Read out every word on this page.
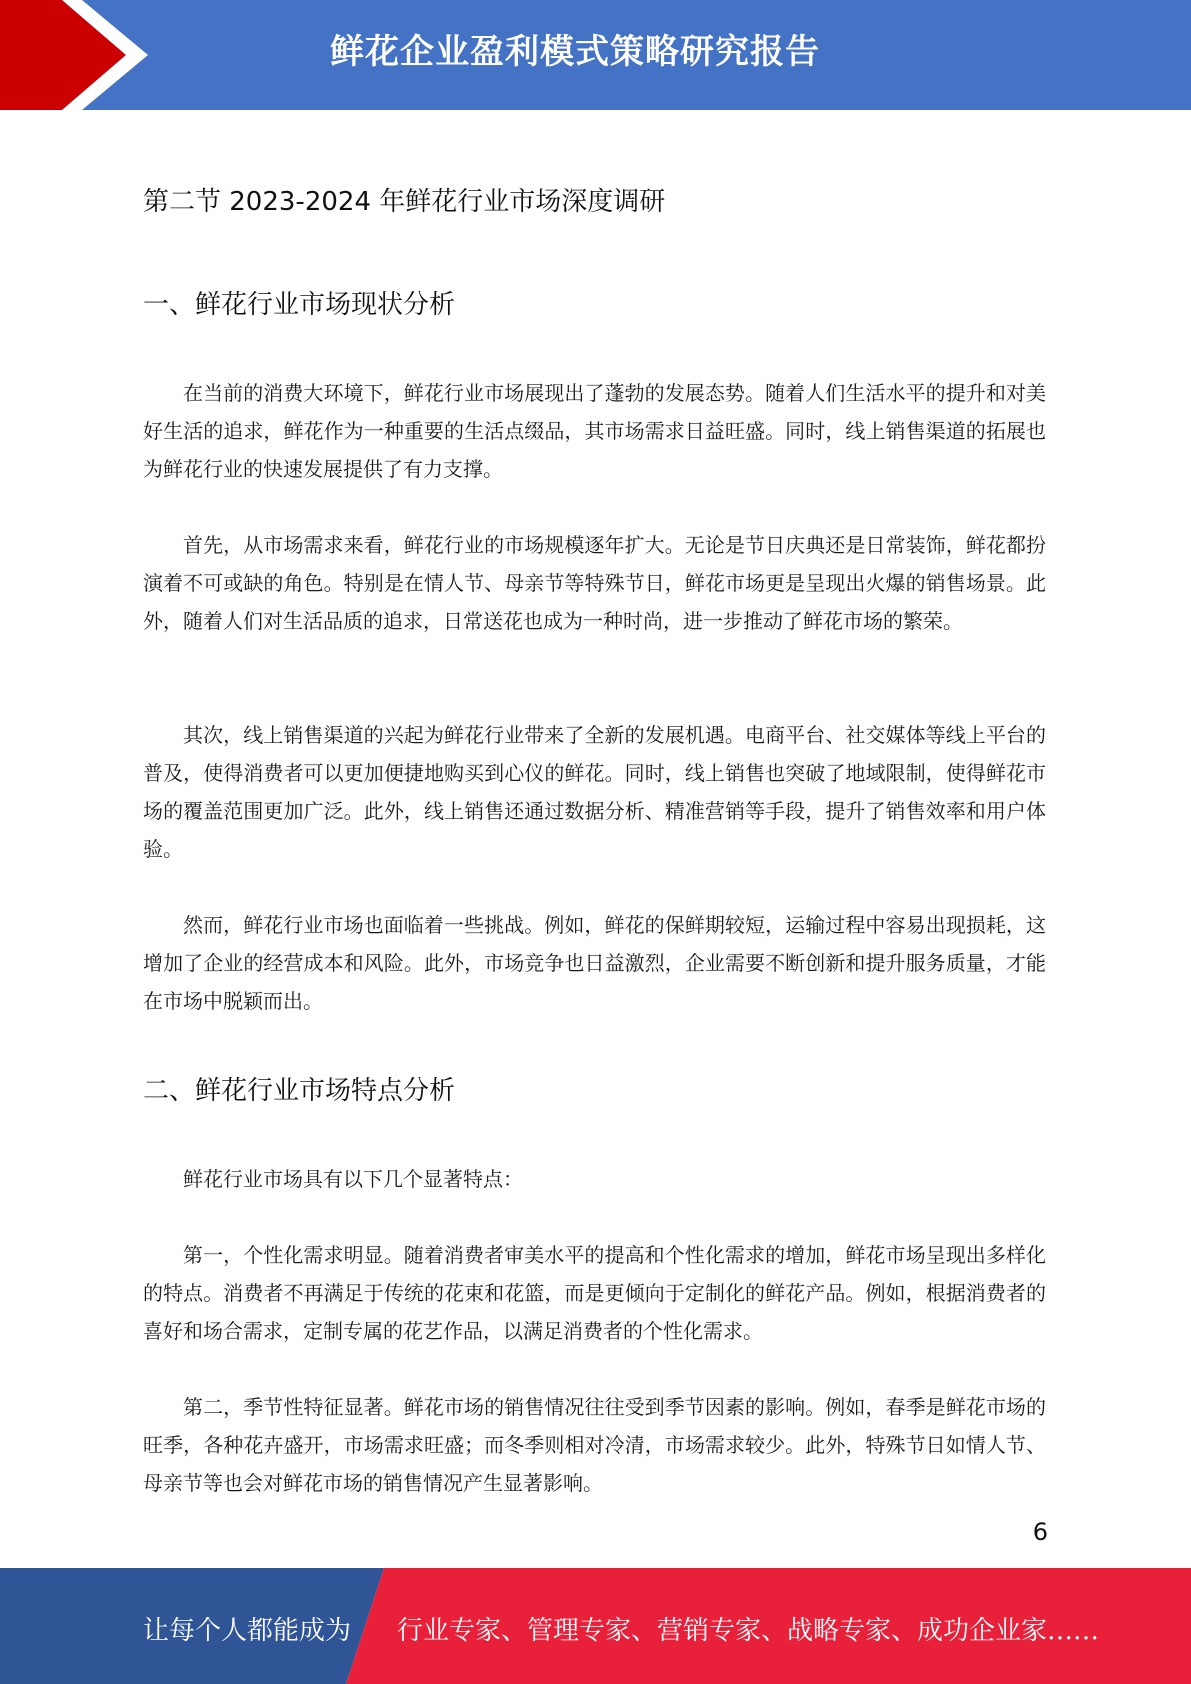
鲜花企业盈利模式策略研究报告
第二节 2023-2024 年鲜花行业市场深度调研
一、鲜花行业市场现状分析

在当前的消费大环境下，鲜花行业市场展现出了蓬勃的发展态势。随着人们生活水平的提升和对美好生活的追求，鲜花作为一种重要的生活点缀品，其市场需求日益旺盛。同时，线上销售渠道的拓展也为鲜花行业的快速发展提供了有力支撑。

首先，从市场需求来看，鲜花行业的市场规模逐年扩大。无论是节日庆典还是日常装饰，鲜花都扮演着不可或缺的角色。特别是在情人节、母亲节等特殊节日，鲜花市场更是呈现出火爆的销售场景。此外，随着人们对生活品质的追求，日常送花也成为一种时尚，进一步推动了鲜花市场的繁荣。

其次，线上销售渠道的兴起为鲜花行业带来了全新的发展机遇。电商平台、社交媒体等线上平台的普及，使得消费者可以更加便捷地购买到心仪的鲜花。同时，线上销售也突破了地域限制，使得鲜花市场的覆盖范围更加广泛。此外，线上销售还通过数据分析、精准营销等手段，提升了销售效率和用户体验。

然而，鲜花行业市场也面临着一些挑战。例如，鲜花的保鲜期较短，运输过程中容易出现损耗，这增加了企业的经营成本和风险。此外，市场竞争也日益激烈，企业需要不断创新和提升服务质量，才能在市场中脱颖而出。

二、鲜花行业市场特点分析

鲜花行业市场具有以下几个显著特点：

第一，个性化需求明显。随着消费者审美水平的提高和个性化需求的增加，鲜花市场呈现出多样化的特点。消费者不再满足于传统的花束和花篮，而是更倾向于定制化的鲜花产品。例如，根据消费者的喜好和场合需求，定制专属的花艺作品，以满足消费者的个性化需求。

第二，季节性特征显著。鲜花市场的销售情况往往受到季节因素的影响。例如，春季是鲜花市场的旺季，各种花卉盛开，市场需求旺盛；而冬季则相对冷清，市场需求较少。此外，特殊节日如情人节、母亲节等也会对鲜花市场的销售情况产生显著影响。

6
让每个人都能成为 行业专家、管理专家、营销专家、战略专家、成功企业家……
